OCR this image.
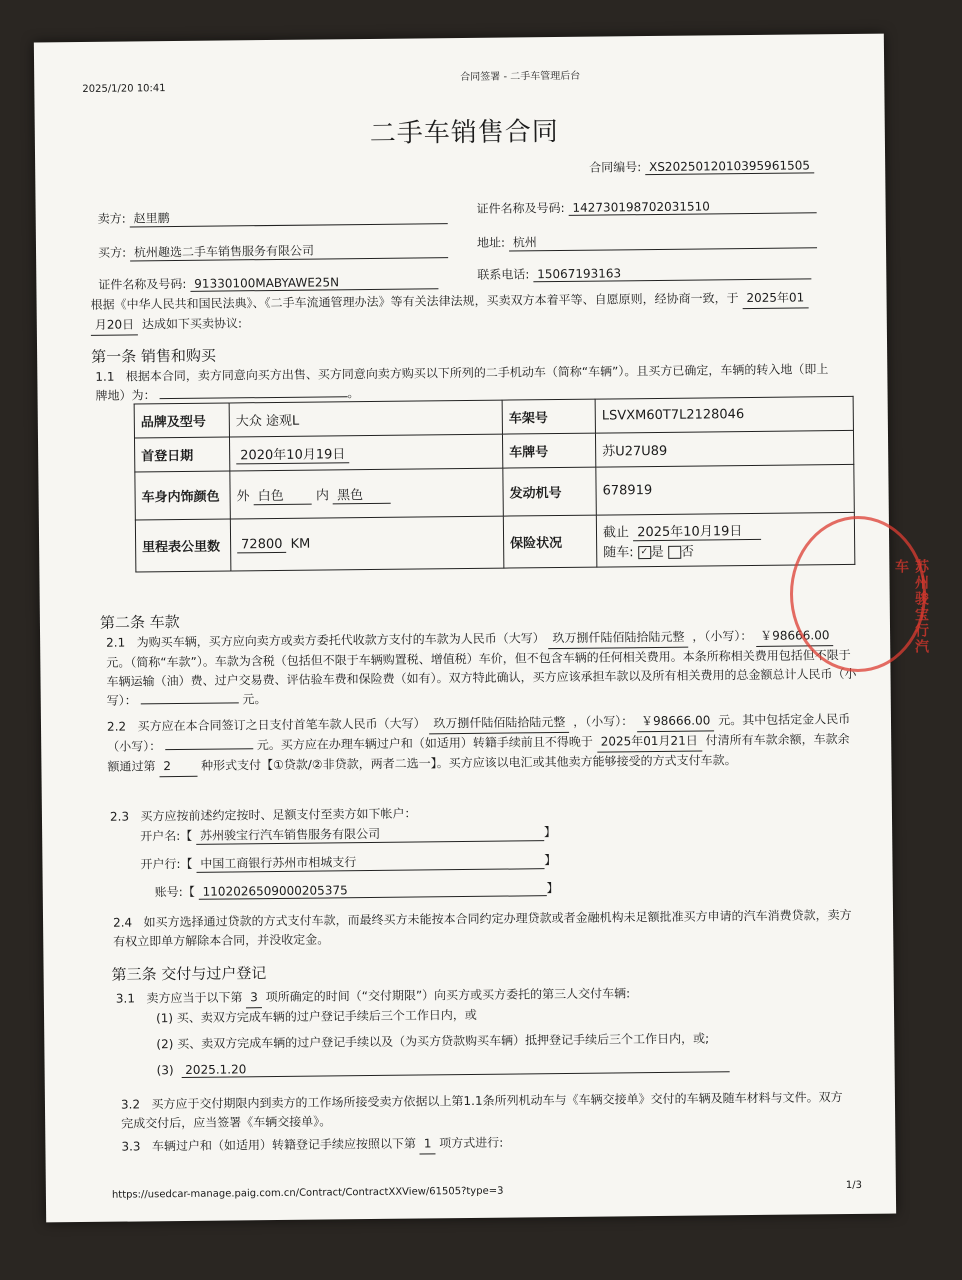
2025/1/20 10:41
合同签署 - 二手车管理后台
二手车销售合同
合同编号: XS2025012010395961505
卖方: 赵里鹏
证件名称及号码: 142730198702031510
买方: 杭州趣选二手车销售服务有限公司
地址: 杭州
证件名称及号码: 91330100MABYAWE25N
联系电话: 15067193163
根据《中华人民共和国民法典》、《二手车流通管理办法》等有关法律法规，买卖双方本着平等、自愿原则，经协商一致，于 2025年01
月20日 达成如下买卖协议:
第一条 销售和购买
1.1 根据本合同，卖方同意向买方出售、买方同意向卖方购买以下所列的二手机动车（简称“车辆”）。且买方已确定，车辆的转入地（即上牌地）为：	。
品牌及型号	大众 途观L	车架号	LSVXM60T7L2128046
首登日期	2020年10月19日	车牌号	苏U27U89
车身内饰颜色	外 白色 内 黑色	发动机号	678919
里程表公里数	72800 KM	保险状况	截止 2025年10月19日
随车: ✓ 是 否
第二条 车款
2.1 为购买车辆，买方应向卖方或卖方委托代收款方支付的车款为人民币（大写） 玖万捌仟陆佰陆拾陆元整 ，（小写）： ￥98666.00 元。（简称“车款”）。车款为含税（包括但不限于车辆购置税、增值税）车价，但不包含车辆的任何相关费用。本条所称相关费用包括但不限于车辆运输（油）费、过户交易费、评估验车费和保险费（如有）。双方特此确认，买方应该承担车款以及所有相关费用的总金额总计人民币（小写）：	元。
2.2 买方应在本合同签订之日支付首笔车款人民币（大写） 玖万捌仟陆佰陆拾陆元整 ，（小写）： ￥98666.00 元。其中包括定金人民币（小写）：	元。买方应在办理车辆过户和（如适用）转籍手续前且不得晚于 2025年01月21日 付清所有车款余额，车款余额通过第 2	种形式支付【①贷款/②非贷款，两者二选一】。买方应该以电汇或其他卖方能够接受的方式支付车款。
2.3 买方应按前述约定按时、足额支付至卖方如下帐户：
开户名:【 苏州骏宝行汽车销售服务有限公司	】
开户行:【 中国工商银行苏州市相城支行	】
账号:【 1102026509000205375	】
2.4 如买方选择通过贷款的方式支付车款，而最终买方未能按本合同约定办理贷款或者金融机构未足额批准买方申请的汽车消费贷款，卖方有权立即单方解除本合同，并没收定金。
第三条 交付与过户登记
3.1 卖方应当于以下第 3 项所确定的时间（“交付期限”）向买方或买方委托的第三人交付车辆:
(1) 买、卖双方完成车辆的过户登记手续后三个工作日内，或
(2) 买、卖双方完成车辆的过户登记手续以及（为买方贷款购买车辆）抵押登记手续后三个工作日内，或;
(3) 2025.1.20
3.2 买方应于交付期限内到卖方的工作场所接受卖方依据以上第1.1条所列机动车与《车辆交接单》交付的车辆及随车材料与文件。双方完成交付后，应当签署《车辆交接单》。
3.3 车辆过户和（如适用）转籍登记手续应按照以下第 1 项方式进行:
https://usedcar-manage.paig.com.cn/Contract/ContractXXView/61505?type=3
1/3
苏州骏宝行汽车
